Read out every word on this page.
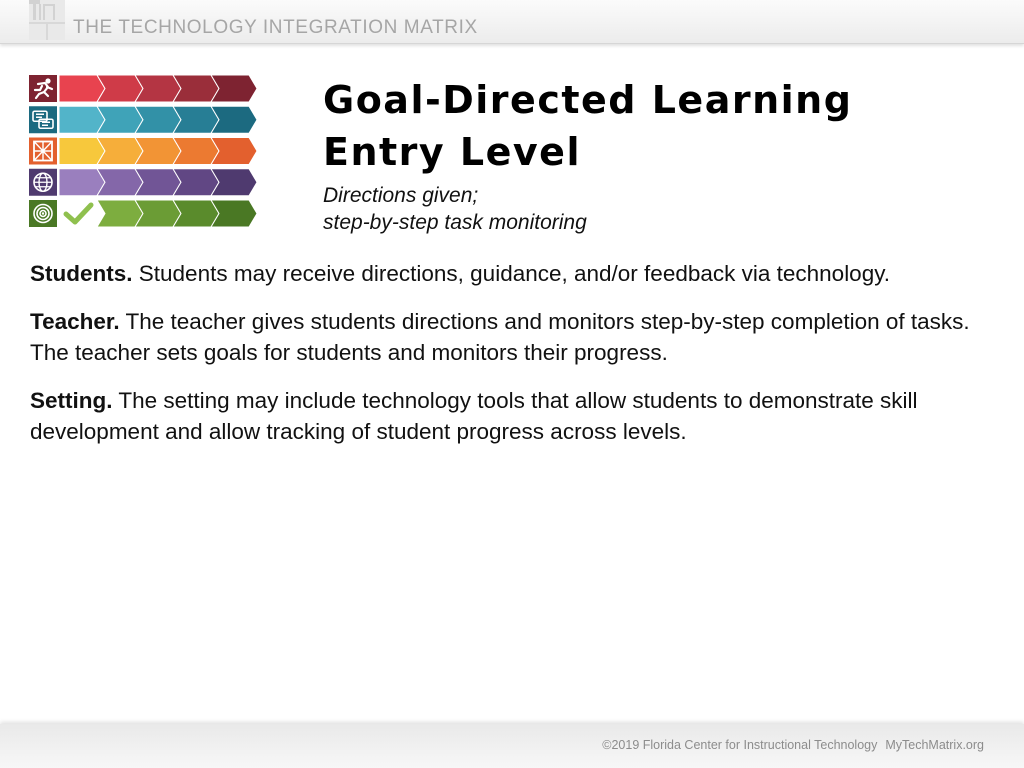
THE TECHNOLOGY INTEGRATION MATRIX
Goal-Directed Learning
Entry Level
Directions given;
step-by-step task monitoring

Students. Students may receive directions, guidance, and/or feedback via technology.

Teacher. The teacher gives students directions and monitors step-by-step completion of tasks. The teacher sets goals for students and monitors their progress.

Setting. The setting may include technology tools that allow students to demonstrate skill development and allow tracking of student progress across levels.

©2019 Florida Center for Instructional Technology MyTechMatrix.org
